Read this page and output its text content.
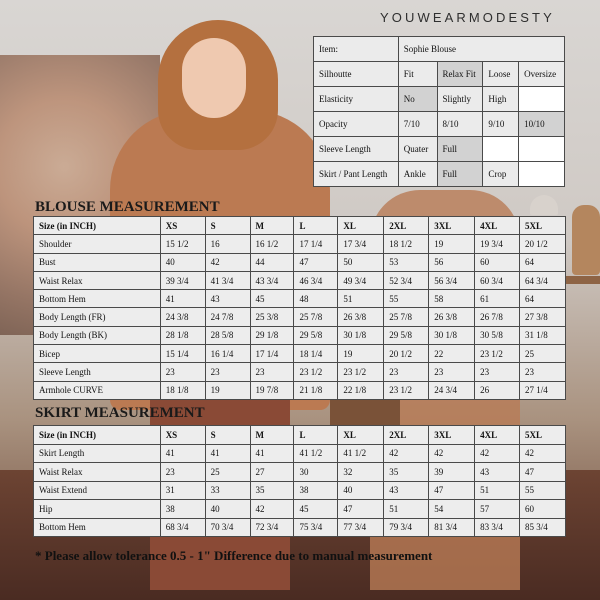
YOUWEARMODESTY
Item:	Sophie Blouse			
Silhoutte	Fit	Relax Fit	Loose	Oversize
Elasticity	No	Slightly	High	
Opacity	7/10	8/10	9/10	10/10
Sleeve Length	Quater	Full		
Skirt / Pant Length	Ankle	Full	Crop	
BLOUSE MEASUREMENT
Size (in INCH)	XS	S	M	L	XL	2XL	3XL	4XL	5XL
Shoulder	15 1/2	16	16 1/2	17 1/4	17 3/4	18 1/2	19	19 3/4	20 1/2
Bust	40	42	44	47	50	53	56	60	64
Waist Relax	39 3/4	41 3/4	43 3/4	46 3/4	49 3/4	52 3/4	56 3/4	60 3/4	64 3/4
Bottom Hem	41	43	45	48	51	55	58	61	64
Body Length (FR)	24 3/8	24 7/8	25 3/8	25 7/8	26 3/8	25 7/8	26 3/8	26 7/8	27 3/8
Body Length (BK)	28 1/8	28 5/8	29 1/8	29 5/8	30 1/8	29 5/8	30 1/8	30 5/8	31 1/8
Bicep	15 1/4	16 1/4	17 1/4	18 1/4	19	20 1/2	22	23 1/2	25
Sleeve Length	23	23	23	23 1/2	23 1/2	23	23	23	23
Armhole CURVE	18 1/8	19	19 7/8	21 1/8	22 1/8	23 1/2	24 3/4	26	27 1/4
SKIRT MEASUREMENT
Size (in INCH)	XS	S	M	L	XL	2XL	3XL	4XL	5XL
Skirt Length	41	41	41	41 1/2	41 1/2	42	42	42	42
Waist Relax	23	25	27	30	32	35	39	43	47
Waist Extend	31	33	35	38	40	43	47	51	55
Hip	38	40	42	45	47	51	54	57	60
Bottom Hem	68 3/4	70 3/4	72 3/4	75 3/4	77 3/4	79 3/4	81 3/4	83 3/4	85 3/4
* Please allow tolerance 0.5 - 1" Difference due to manual measurement
